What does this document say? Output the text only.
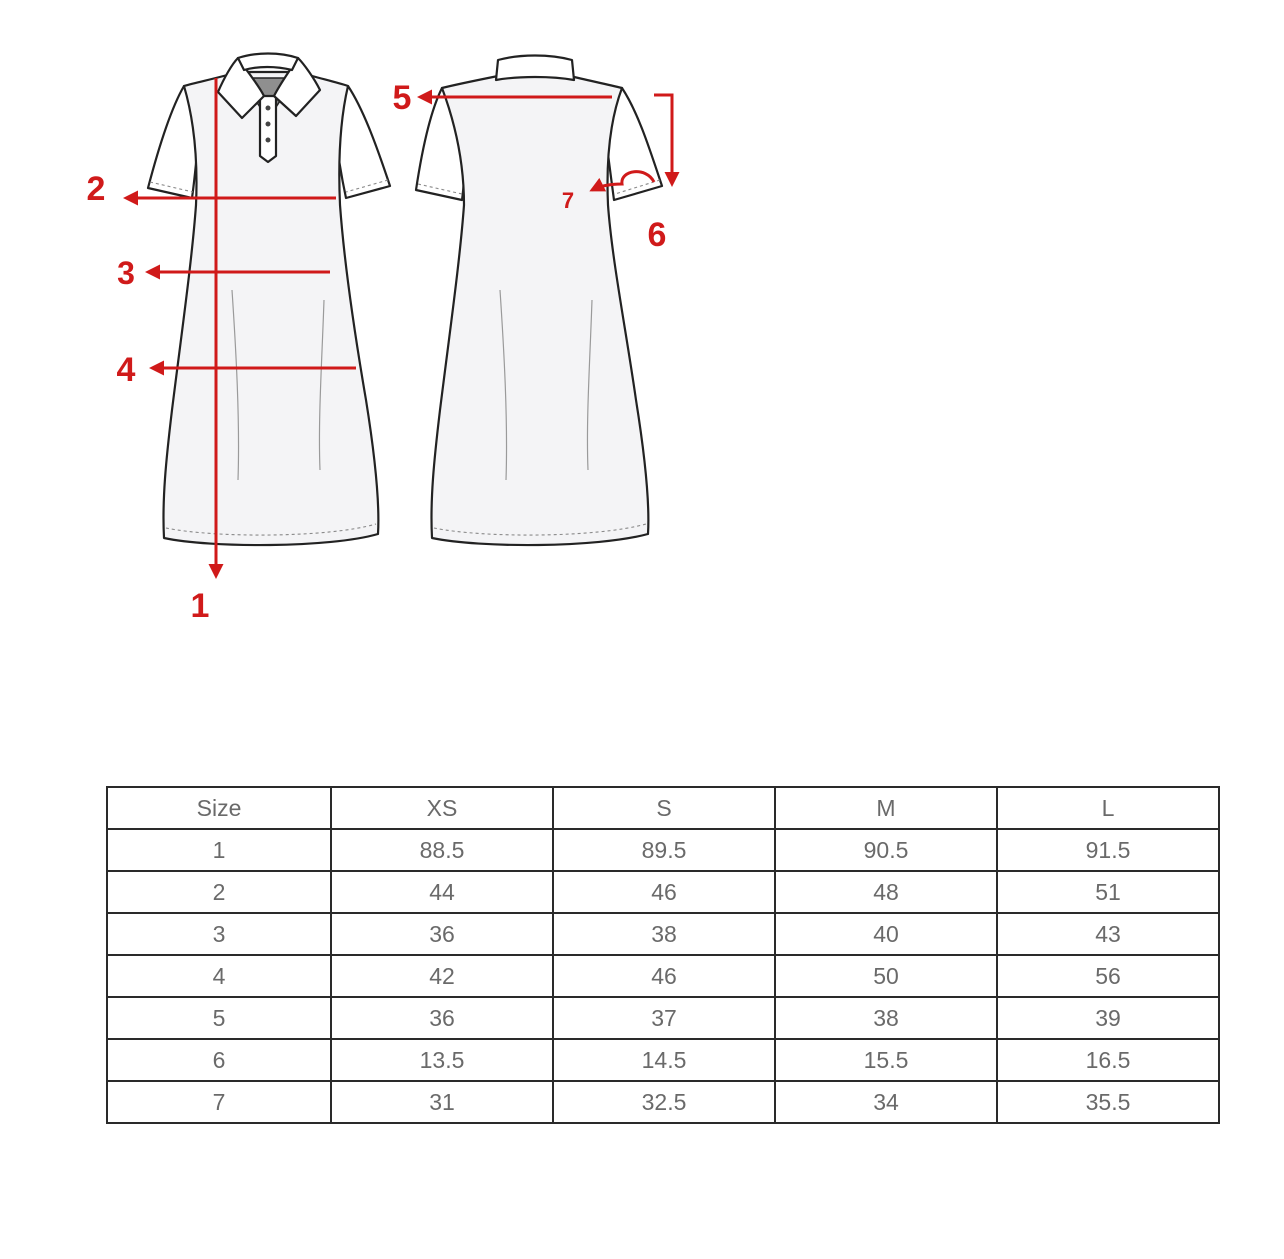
1
2
3
4
5
6
7
Size	XS	S	M	L
1	88.5	89.5	90.5	91.5
2	44	46	48	51
3	36	38	40	43
4	42	46	50	56
5	36	37	38	39
6	13.5	14.5	15.5	16.5
7	31	32.5	34	35.5
